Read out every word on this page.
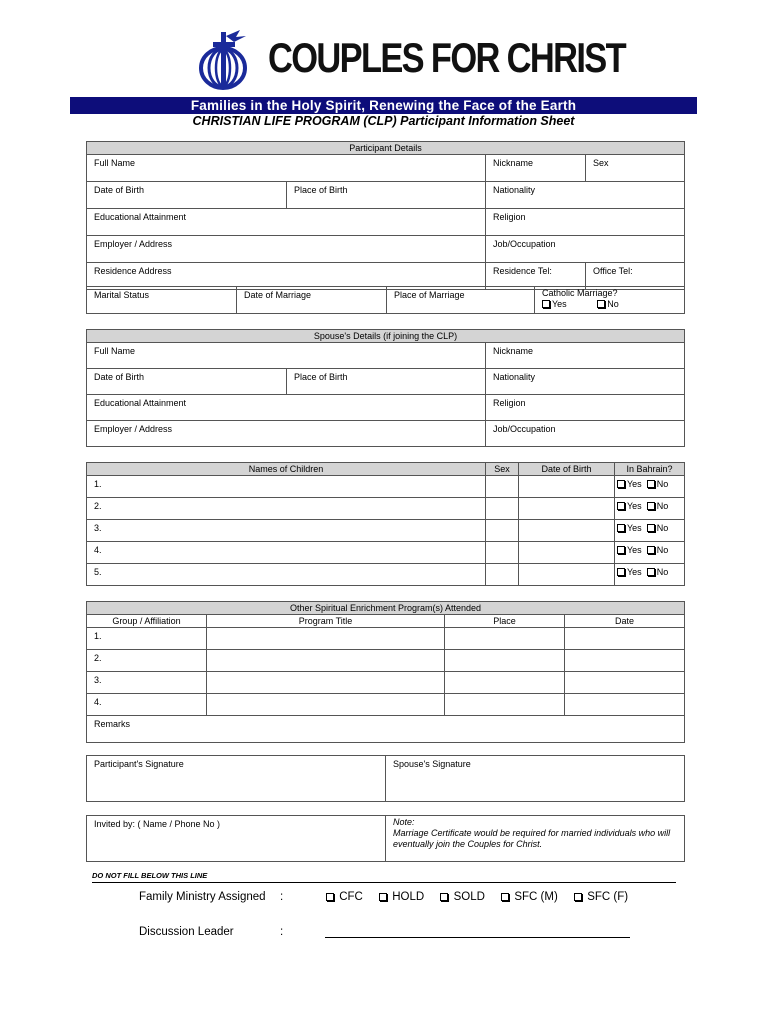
COUPLES FOR CHRIST
Families in the Holy Spirit, Renewing the Face of the Earth
CHRISTIAN LIFE PROGRAM (CLP) Participant Information Sheet
Participant Details			
Full Name		Nickname	Sex
Date of Birth	Place of Birth	Nationality	
Educational Attainment		Religion	
Employer / Address		Job/Occupation	
Residence Address		Residence Tel:	Office Tel:
Marital Status	Date of Marriage	Place of Marriage	Catholic Marriage?
Yes	No
Spouse's Details (if joining the CLP)		
Full Name		Nickname
Date of Birth	Place of Birth	Nationality
Educational Attainment		Religion
Employer / Address		Job/Occupation
Names of Children	Sex	Date of Birth	In Bahrain?
1.			Yes No
2.			Yes No
3.			Yes No
4.			Yes No
5.			Yes No
Other Spiritual Enrichment Program(s) Attended			
Group / Affiliation	Program Title	Place	Date
1.			
2.			
3.			
4.			
Remarks			
Participant's Signature	Spouse's Signature
Invited by: ( Name / Phone No )	Note:
Marriage Certificate would be required for married individuals who will eventually join the Couples for Christ.
DO NOT FILL BELOW THIS LINE
Family Ministry Assigned :	CFC	HOLD	SOLD	SFC (M)	SFC (F)
Discussion Leader	:
